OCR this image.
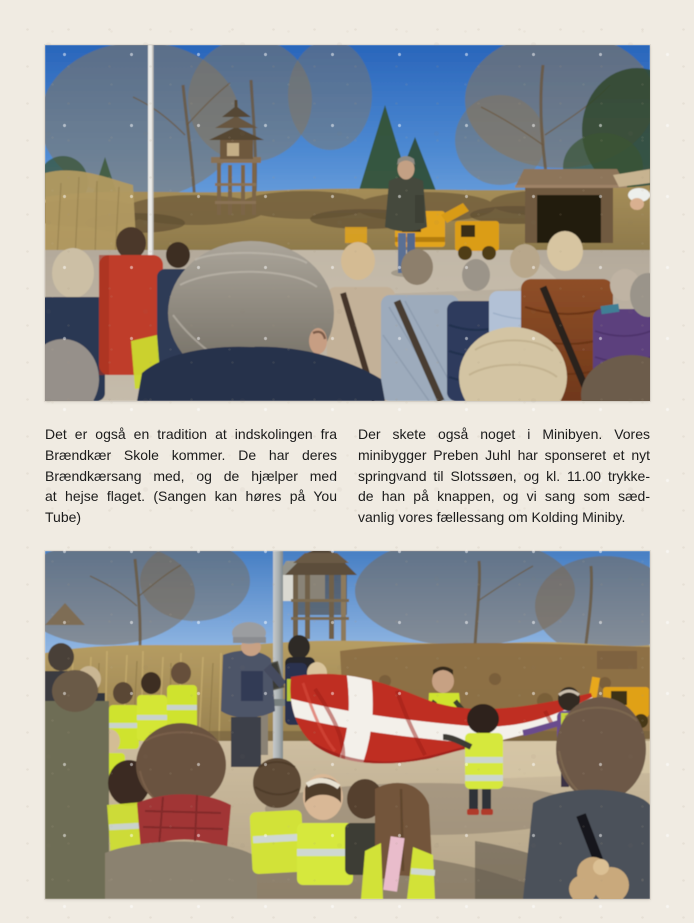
Det er også en tradition at indskolingen fra
Brændkær Skole kommer. De har deres
Brændkærsang med, og de hjælper med
at hejse flaget. (Sangen kan høres på You
Tube)
Der skete også noget i Minibyen. Vores
minibygger Preben Juhl har sponseret et nyt
springvand til Slotssøen, og kl. 11.00 trykke-
de han på knappen, og vi sang som sæd-
vanlig vores fællessang om Kolding Miniby.
